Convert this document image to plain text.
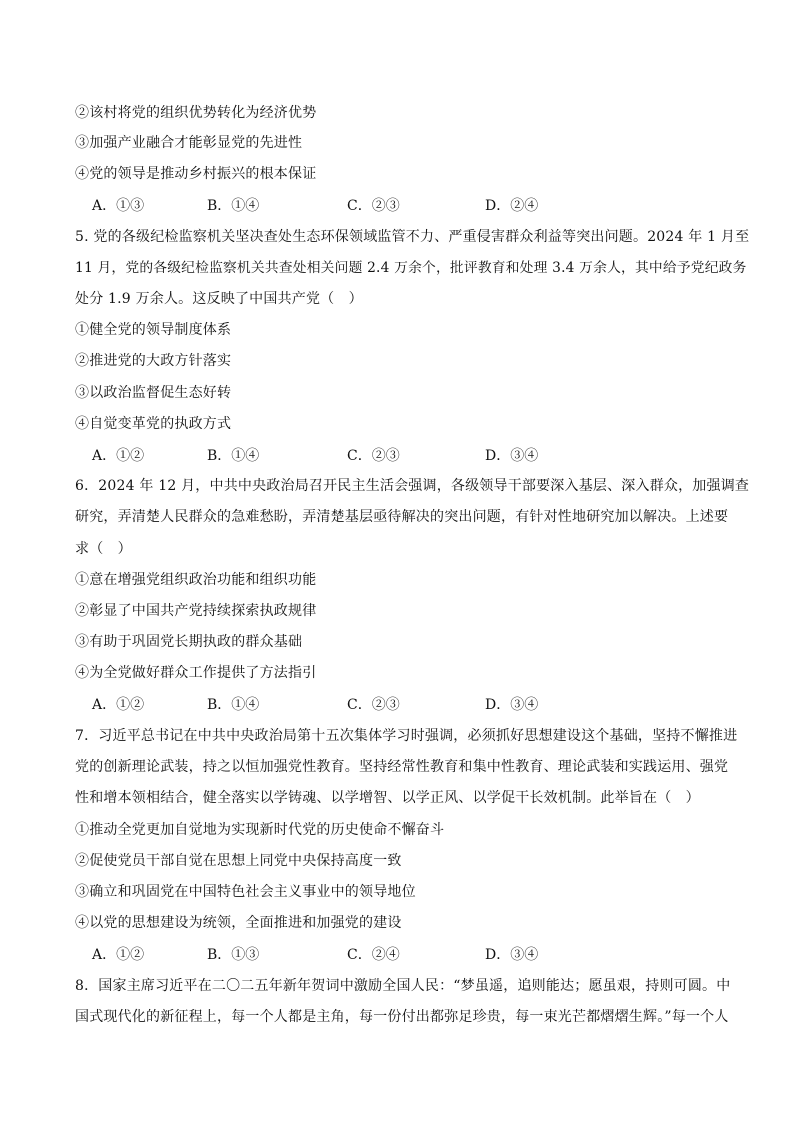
②该村将党的组织优势转化为经济优势
③加强产业融合才能彰显党的先进性
④党的领导是推动乡村振兴的根本保证
A．①③	B．①④	C．②③	D．②④
5. 党的各级纪检监察机关坚决查处生态环保领域监管不力、严重侵害群众利益等突出问题。2024 年 1 月至
11 月，党的各级纪检监察机关共查处相关问题 2.4 万余个，批评教育和处理 3.4 万余人，其中给予党纪政务
处分 1.9 万余人。这反映了中国共产党（　）
①健全党的领导制度体系
②推进党的大政方针落实
③以政治监督促生态好转
④自觉变革党的执政方式
A．①②	B．①④	C．②③	D．③④
6．2024 年 12 月，中共中央政治局召开民主生活会强调，各级领导干部要深入基层、深入群众，加强调查
研究，弄清楚人民群众的急难愁盼，弄清楚基层亟待解决的突出问题，有针对性地研究加以解决。上述要
求（　）
①意在增强党组织政治功能和组织功能
②彰显了中国共产党持续探索执政规律
③有助于巩固党长期执政的群众基础
④为全党做好群众工作提供了方法指引
A．①②	B．①④	C．②③	D．③④
7．习近平总书记在中共中央政治局第十五次集体学习时强调，必须抓好思想建设这个基础，坚持不懈推进
党的创新理论武装，持之以恒加强党性教育。坚持经常性教育和集中性教育、理论武装和实践运用、强党
性和增本领相结合，健全落实以学铸魂、以学增智、以学正风、以学促干长效机制。此举旨在（　）
①推动全党更加自觉地为实现新时代党的历史使命不懈奋斗
②促使党员干部自觉在思想上同党中央保持高度一致
③确立和巩固党在中国特色社会主义事业中的领导地位
④以党的思想建设为统领，全面推进和加强党的建设
A．①②	B．①③	C．②④	D．③④
8．国家主席习近平在二〇二五年新年贺词中激励全国人民：“梦虽遥，追则能达；愿虽艰，持则可圆。中
国式现代化的新征程上，每一个人都是主角，每一份付出都弥足珍贵，每一束光芒都熠熠生辉。”每一个人
